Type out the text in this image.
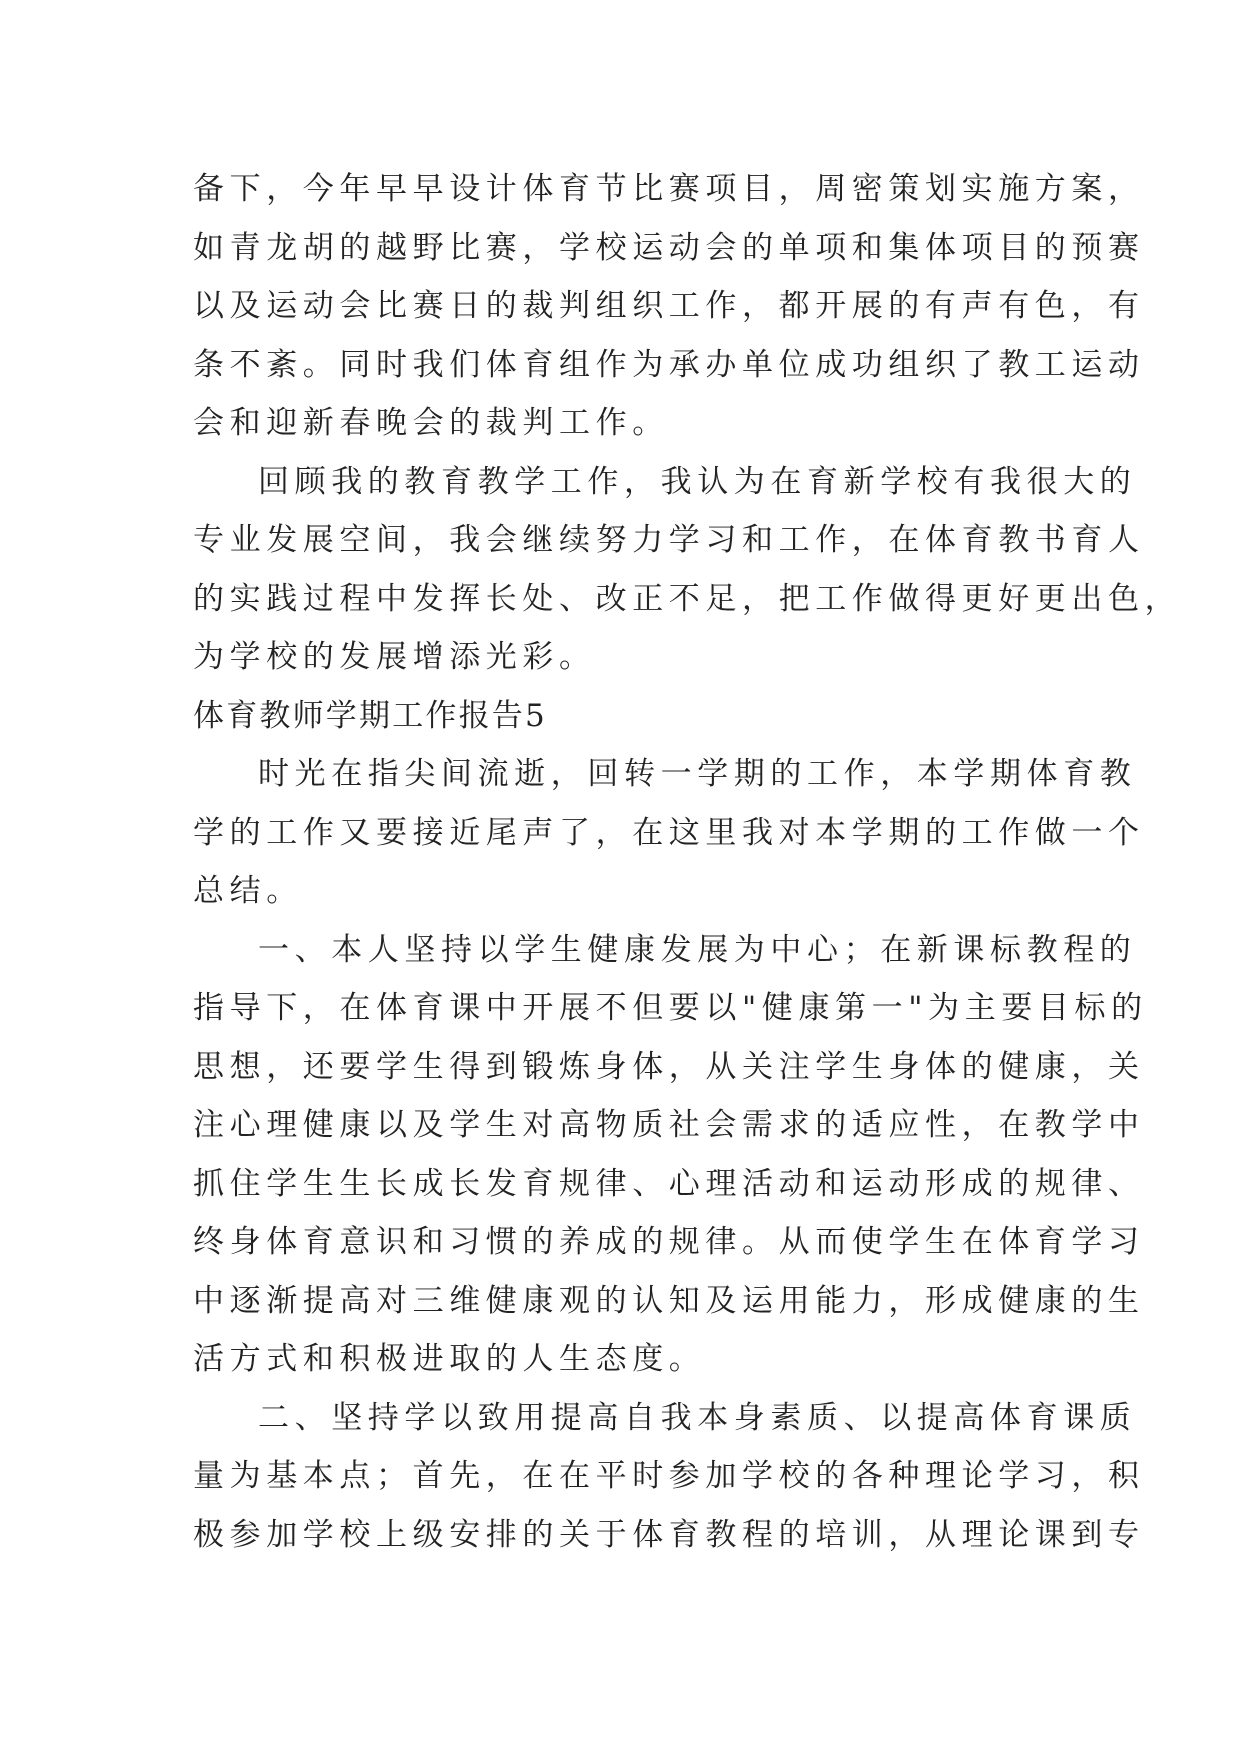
备下，今年早早设计体育节比赛项目，周密策划实施方案，
如青龙胡的越野比赛，学校运动会的单项和集体项目的预赛
以及运动会比赛日的裁判组织工作，都开展的有声有色，有
条不紊。同时我们体育组作为承办单位成功组织了教工运动
会和迎新春晚会的裁判工作。
回顾我的教育教学工作，我认为在育新学校有我很大的
专业发展空间，我会继续努力学习和工作，在体育教书育人
的实践过程中发挥长处、改正不足，把工作做得更好更出色，
为学校的发展增添光彩。
体育教师学期工作报告5
时光在指尖间流逝，回转一学期的工作，本学期体育教
学的工作又要接近尾声了，在这里我对本学期的工作做一个
总结。
一、本人坚持以学生健康发展为中心；在新课标教程的
指导下，在体育课中开展不但要以"健康第一"为主要目标的
思想，还要学生得到锻炼身体，从关注学生身体的健康，关
注心理健康以及学生对高物质社会需求的适应性，在教学中
抓住学生生长成长发育规律、心理活动和运动形成的规律、
终身体育意识和习惯的养成的规律。从而使学生在体育学习
中逐渐提高对三维健康观的认知及运用能力，形成健康的生
活方式和积极进取的人生态度。
二、坚持学以致用提高自我本身素质、以提高体育课质
量为基本点；首先，在在平时参加学校的各种理论学习，积
极参加学校上级安排的关于体育教程的培训，从理论课到专
